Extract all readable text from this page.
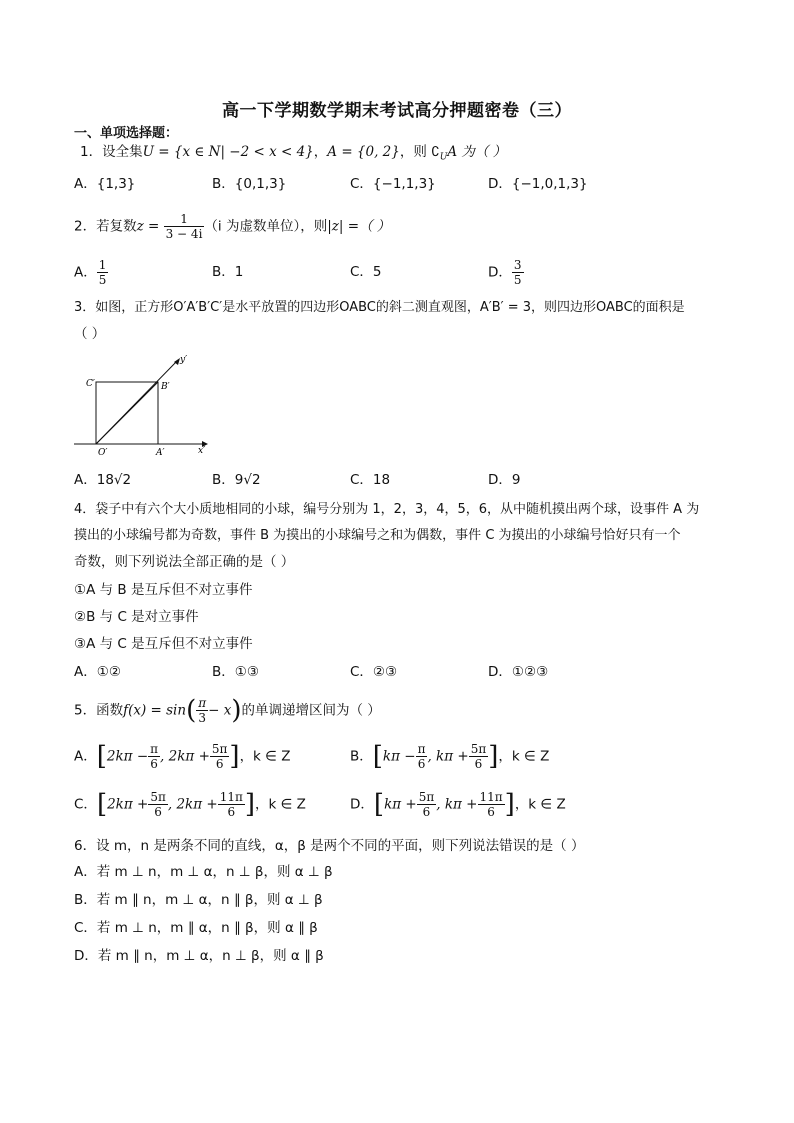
高一下学期数学期末考试高分押题密卷（三）
一、单项选择题：
1．设全集U = {x ∈ N| −2 < x < 4}，A = {0, 2}，则 $∁_UA$ 为（ ）
A．{1,3}	B．{0,1,3}	C．{−1,1,3}	D．{−1,0,1,3}
2．若复数$z = \frac{1}{3 - 4i} (i$ 为虚数单位），则|z| =（ ）
A． $\frac{1}{5}$	B．1	C．5	D． $\frac{3}{5}$
3．如图，正方形O′A′B′C′是水平放置的四边形OABC的斜二测直观图，A′B′ = 3，则四边形OABC的面积是
（ ）
y′
x′
C′	B′
O′	A′
A．18√2	B．9√2	C．18	D．9
4．袋子中有六个大小质地相同的小球，编号分别为 1，2，3，4，5，6，从中随机摸出两个球，设事件 A 为
摸出的小球编号都为奇数，事件 B 为摸出的小球编号之和为偶数，事件 C 为摸出的小球编号恰好只有一个
奇数，则下列说法全部正确的是（ ）
①A 与 B 是互斥但不对立事件
②B 与 C 是对立事件
③A 与 C 是互斥但不对立事件
A．①②	B．①③	C．②③	D．①②③
5．函数$f(x) = \sin( \frac{\pi}{3} - x)$的单调递增区间为（ ）
A．[$2k\pi - \frac{\pi}{6}$ , $2k\pi + \frac{5\pi}{6}$ ]，k ∈ Z	B．[$k\pi - \frac{\pi}{6}$ , $k\pi + \frac{5\pi}{6}$ ]，k ∈ Z
C．[$2k\pi + \frac{5\pi}{6}$ , $2k\pi + \frac{11\pi}{6}$ ]，k ∈ Z	D．[$k\pi + \frac{5\pi}{6}$ , $k\pi + \frac{11\pi}{6}$ ]，k ∈ Z
6．设 m，n 是两条不同的直线，α，β 是两个不同的平面，则下列说法错误的是（ ）
A．若 m ⊥ n，m ⊥ α，n ⊥ β，则 α ⊥ β
B．若 m ∥ n，m ⊥ α，n ∥ β，则 α ⊥ β
C．若 m ⊥ n，m ∥ α，n ∥ β，则 α ∥ β
D．若 m ∥ n，m ⊥ α，n ⊥ β，则 α ∥ β
